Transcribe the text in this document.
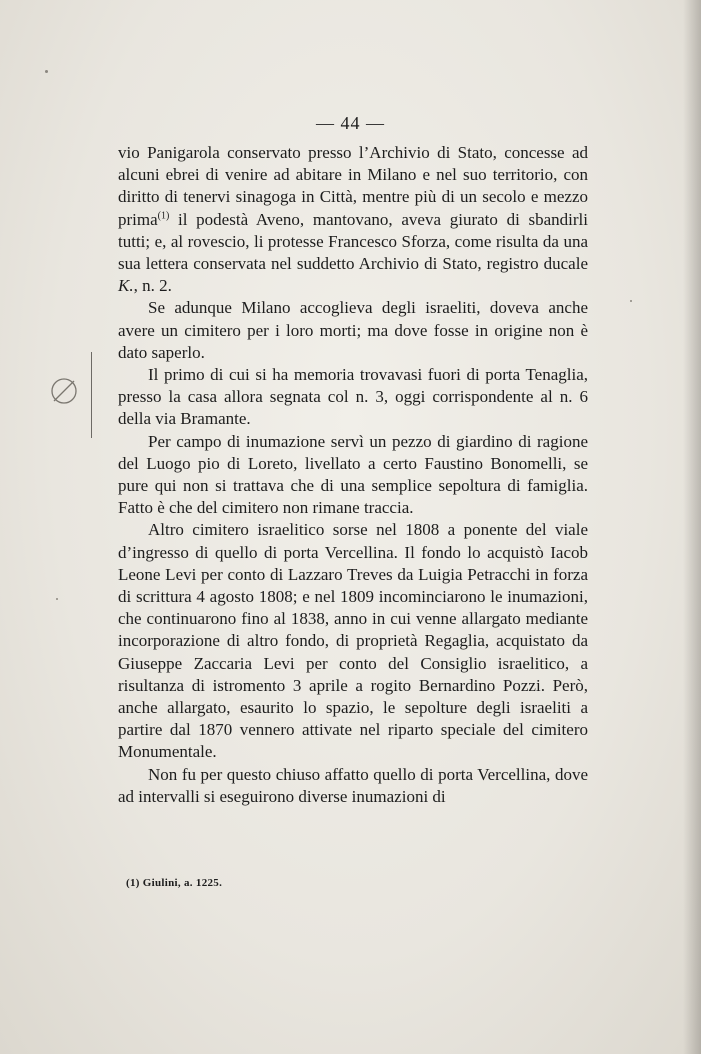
— 44 —

vio Panigarola conservato presso l’Archivio di Stato, concesse ad alcuni ebrei di venire ad abitare in Milano e nel suo territorio, con diritto di tenervi sinagoga in Città, mentre più di un secolo e mezzo prima$^{(1)}$ il podestà Aveno, mantovano, aveva giurato di sbandirli tutti; e, al rovescio, li protesse Francesco Sforza, come risulta da una sua lettera conservata nel suddetto Archivio di Stato, registro ducale K., n. 2.

Se adunque Milano accoglieva degli israeliti, doveva anche avere un cimitero per i loro morti; ma dove fosse in origine non è dato saperlo.

Il primo di cui si ha memoria trovavasi fuori di porta Tenaglia, presso la casa allora segnata col n. 3, oggi corrispondente al n. 6 della via Bramante.

Per campo di inumazione servì un pezzo di giardino di ragione del Luogo pio di Loreto, livellato a certo Faustino Bonomelli, se pure qui non si trattava che di una semplice sepoltura di famiglia. Fatto è che del cimitero non rimane traccia.

Altro cimitero israelitico sorse nel 1808 a ponente del viale d’ingresso di quello di porta Vercellina. Il fondo lo acquistò Iacob Leone Levi per conto di Lazzaro Treves da Luigia Petracchi in forza di scrittura 4 agosto 1808; e nel 1809 incominciarono le inumazioni, che continuarono fino al 1838, anno in cui venne allargato mediante incorporazione di altro fondo, di proprietà Regaglia, acquistato da Giuseppe Zaccaria Levi per conto del Consiglio israelitico, a risultanza di istromento 3 aprile a rogito Bernardino Pozzi. Però, anche allargato, esaurito lo spazio, le sepolture degli israeliti a partire dal 1870 vennero attivate nel riparto speciale del cimitero Monumentale.

Non fu per questo chiuso affatto quello di porta Vercellina, dove ad intervalli si eseguirono diverse inumazioni di

(1) Giulini, a. 1225.
